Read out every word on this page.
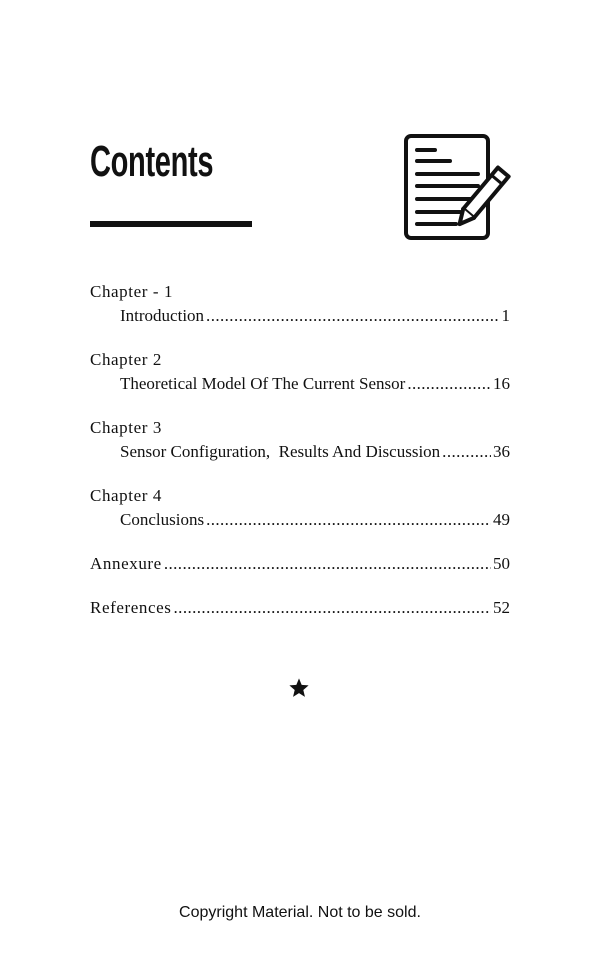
Contents
Chapter - 1
Introduction .....	1
Chapter 2
Theoretical Model Of The Current Sensor .....	16
Chapter 3
Sensor Configuration,  Results And Discussion .....	36
Chapter 4
Conclusions .....	49
Annexure .....	50
References .....	52
Copyright Material. Not to be sold.
